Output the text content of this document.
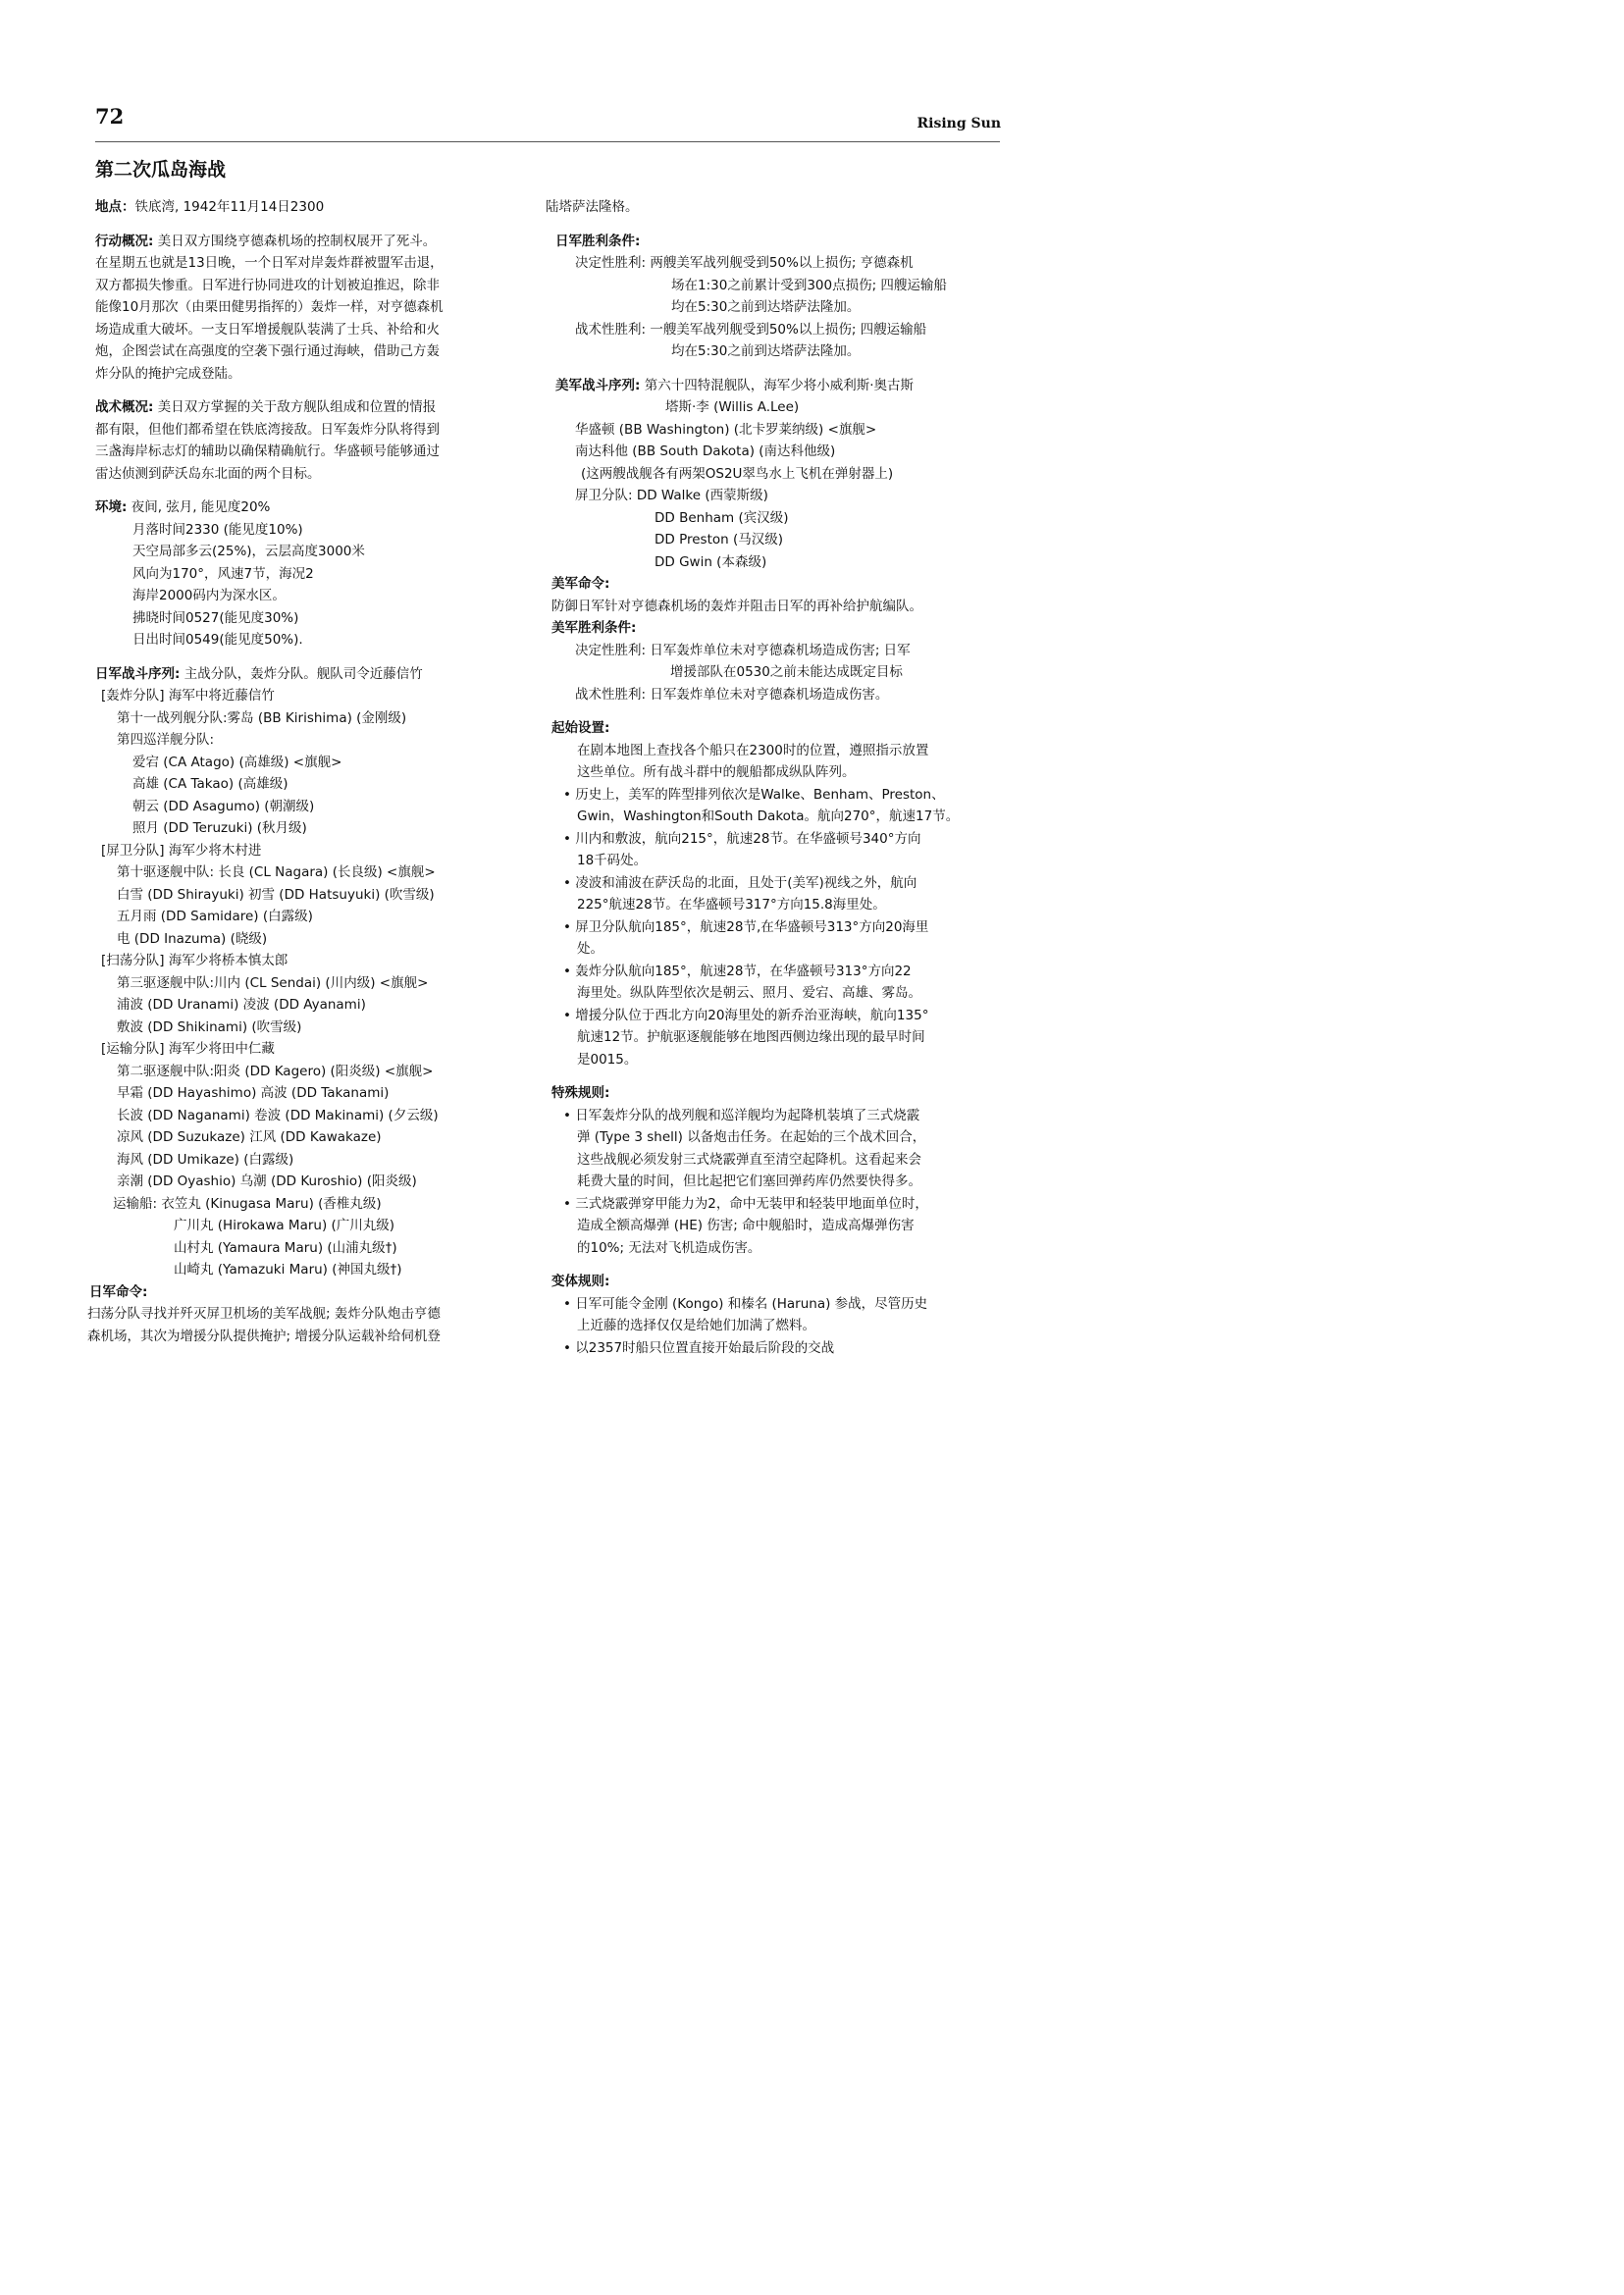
72	Rising Sun
第二次瓜岛海战
地点：铁底湾, 1942年11月14日2300
行动概况: 美日双方围绕亨德森机场的控制权展开了死斗。
在星期五也就是13日晚，一个日军对岸轰炸群被盟军击退，
双方都损失惨重。日军进行协同进攻的计划被迫推迟，除非
能像10月那次（由栗田健男指挥的）轰炸一样，对亨德森机
场造成重大破坏。一支日军增援舰队装满了士兵、补给和火
炮，企图尝试在高强度的空袭下强行通过海峡，借助己方轰
炸分队的掩护完成登陆。
战术概况: 美日双方掌握的关于敌方舰队组成和位置的情报
都有限，但他们都希望在铁底湾接敌。日军轰炸分队将得到
三盏海岸标志灯的辅助以确保精确航行。华盛顿号能够通过
雷达侦测到萨沃岛东北面的两个目标。
环境: 夜间, 弦月, 能见度20%
月落时间2330 (能见度10%)
天空局部多云(25%)，云层高度3000米
风向为170°，风速7节，海况2
海岸2000码内为深水区。
拂晓时间0527(能见度30%)
日出时间0549(能见度50%).
日军战斗序列: 主战分队，轰炸分队。舰队司令近藤信竹
[轰炸分队] 海军中将近藤信竹
第十一战列舰分队:雾岛 (BB Kirishima) (金刚级)
第四巡洋舰分队:
爱宕 (CA Atago) (高雄级) <旗舰>
高雄 (CA Takao) (高雄级)
朝云 (DD Asagumo) (朝潮级)
照月 (DD Teruzuki) (秋月级)
[屏卫分队] 海军少将木村进
第十驱逐舰中队: 长良 (CL Nagara) (长良级) <旗舰>
白雪 (DD Shirayuki) 初雪 (DD Hatsuyuki) (吹雪级)
五月雨 (DD Samidare) (白露级)
电 (DD Inazuma) (晓级)
[扫荡分队] 海军少将桥本慎太郎
第三驱逐舰中队:川内 (CL Sendai) (川内级) <旗舰>
浦波 (DD Uranami) 凌波 (DD Ayanami)
敷波 (DD Shikinami) (吹雪级)
[运输分队] 海军少将田中仁藏
第二驱逐舰中队:阳炎 (DD Kagero) (阳炎级) <旗舰>
早霜 (DD Hayashimo) 高波 (DD Takanami)
长波 (DD Naganami) 卷波 (DD Makinami) (夕云级)
凉风 (DD Suzukaze) 江风 (DD Kawakaze)
海风 (DD Umikaze) (白露级)
亲潮 (DD Oyashio) 乌潮 (DD Kuroshio) (阳炎级)
运输船: 衣笠丸 (Kinugasa Maru) (香椎丸级)
广川丸 (Hirokawa Maru) (广川丸级)
山村丸 (Yamaura Maru) (山浦丸级†)
山崎丸 (Yamazuki Maru) (神国丸级†)
日军命令:
扫荡分队寻找并歼灭屏卫机场的美军战舰; 轰炸分队炮击亨德
森机场，其次为增援分队提供掩护; 增援分队运载补给伺机登
陆塔萨法隆格。
日军胜利条件:
决定性胜利: 两艘美军战列舰受到50%以上损伤; 亨德森机
场在1:30之前累计受到300点损伤; 四艘运输船
均在5:30之前到达塔萨法隆加。
战术性胜利: 一艘美军战列舰受到50%以上损伤; 四艘运输船
均在5:30之前到达塔萨法隆加。
美军战斗序列: 第六十四特混舰队，海军少将小威利斯·奥古斯
塔斯·李 (Willis A.Lee)
华盛顿 (BB Washington) (北卡罗莱纳级) <旗舰>
南达科他 (BB South Dakota) (南达科他级)
(这两艘战舰各有两架OS2U翠鸟水上飞机在弹射器上)
屏卫分队: DD Walke (西蒙斯级)
DD Benham (宾汉级)
DD Preston (马汉级)
DD Gwin (本森级)
美军命令:
防御日军针对亨德森机场的轰炸并阻击日军的再补给护航编队。
美军胜利条件:
决定性胜利: 日军轰炸单位未对亨德森机场造成伤害; 日军
增援部队在0530之前未能达成既定目标
战术性胜利: 日军轰炸单位未对亨德森机场造成伤害。
起始设置:
在剧本地图上查找各个船只在2300时的位置，遵照指示放置
这些单位。所有战斗群中的舰船都成纵队阵列。
• 历史上，美军的阵型排列依次是Walke、Benham、Preston、
Gwin，Washington和South Dakota。航向270°，航速17节。
• 川内和敷波，航向215°，航速28节。在华盛顿号340°方向
18千码处。
• 凌波和浦波在萨沃岛的北面，且处于(美军)视线之外，航向
225°航速28节。在华盛顿号317°方向15.8海里处。
• 屏卫分队航向185°，航速28节,在华盛顿号313°方向20海里
处。
• 轰炸分队航向185°，航速28节，在华盛顿号313°方向22
海里处。纵队阵型依次是朝云、照月、爱宕、高雄、雾岛。
• 增援分队位于西北方向20海里处的新乔治亚海峡，航向135°
航速12节。护航驱逐舰能够在地图西侧边缘出现的最早时间
是0015。
特殊规则:
• 日军轰炸分队的战列舰和巡洋舰均为起降机装填了三式烧霰
弹 (Type 3 shell) 以备炮击任务。在起始的三个战术回合，
这些战舰必须发射三式烧霰弹直至清空起降机。这看起来会
耗费大量的时间，但比起把它们塞回弹药库仍然要快得多。
• 三式烧霰弹穿甲能力为2，命中无装甲和轻装甲地面单位时，
造成全额高爆弹 (HE) 伤害; 命中舰船时，造成高爆弹伤害
的10%; 无法对飞机造成伤害。
变体规则:
• 日军可能令金刚 (Kongo) 和榛名 (Haruna) 参战，尽管历史
上近藤的选择仅仅是给她们加满了燃料。
• 以2357时船只位置直接开始最后阶段的交战
